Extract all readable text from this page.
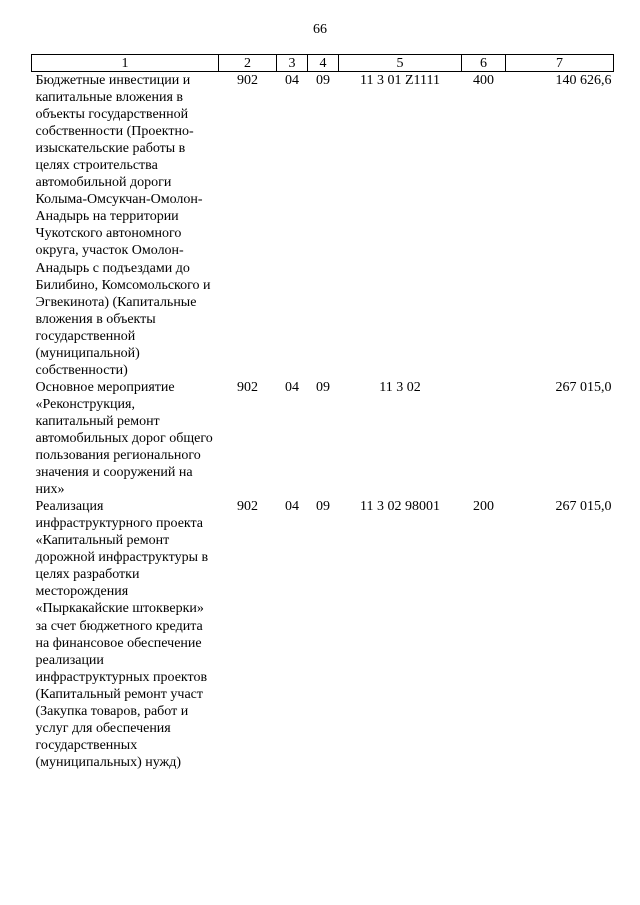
66
1	2	3	4	5	6	7
Бюджетные инвестиции и капитальные вложения в объекты государственной собственности (Проектно-изыскательские работы в целях строительства автомобильной дороги Колыма-Омсукчан-Омолон-Анадырь на территории Чукотского автономного округа, участок Омолон-Анадырь с подъездами до Билибино, Комсомольского и Эгвекинота) (Капитальные вложения в объекты государственной (муниципальной) собственности)	902	04	09	11 3 01 Z1111	400	140 626,6
Основное мероприятие «Реконструкция, капитальный ремонт автомобильных дорог общего пользования регионального значения и сооружений на них»	902	04	09	11 3 02		267 015,0
Реализация инфраструктурного проекта «Капитальный ремонт дорожной инфраструктуры в целях разработки месторождения «Пыркакайские штокверки» за счет бюджетного кредита на финансовое обеспечение реализации инфраструктурных проектов (Капитальный ремонт участ (Закупка товаров, работ и услуг для обеспечения государственных (муниципальных) нужд)	902	04	09	11 3 02 98001	200	267 015,0
